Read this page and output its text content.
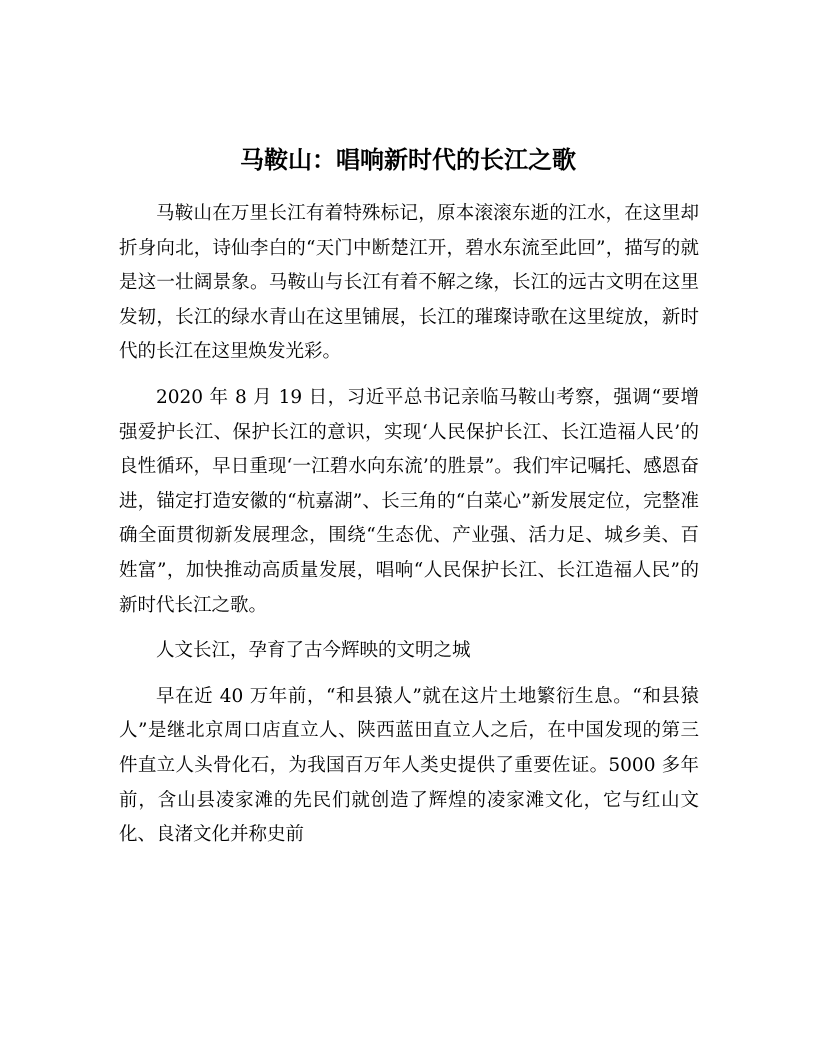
马鞍山：唱响新时代的长江之歌

马鞍山在万里长江有着特殊标记，原本滚滚东逝的江水，在这里却折身向北，诗仙李白的“天门中断楚江开，碧水东流至此回”，描写的就是这一壮阔景象。马鞍山与长江有着不解之缘，长江的远古文明在这里发轫，长江的绿水青山在这里铺展，长江的璀璨诗歌在这里绽放，新时代的长江在这里焕发光彩。

2020 年 8 月 19 日，习近平总书记亲临马鞍山考察，强调“要增强爱护长江、保护长江的意识，实现‘人民保护长江、长江造福人民’的良性循环，早日重现‘一江碧水向东流’的胜景”。我们牢记嘱托、感恩奋进，锚定打造安徽的“杭嘉湖”、长三角的“白菜心”新发展定位，完整准确全面贯彻新发展理念，围绕“生态优、产业强、活力足、城乡美、百姓富”，加快推动高质量发展，唱响“人民保护长江、长江造福人民”的新时代长江之歌。

人文长江，孕育了古今辉映的文明之城

早在近 40 万年前，“和县猿人”就在这片土地繁衍生息。“和县猿人”是继北京周口店直立人、陕西蓝田直立人之后，在中国发现的第三件直立人头骨化石，为我国百万年人类史提供了重要佐证。5000 多年前，含山县凌家滩的先民们就创造了辉煌的凌家滩文化，它与红山文化、良渚文化并称史前
